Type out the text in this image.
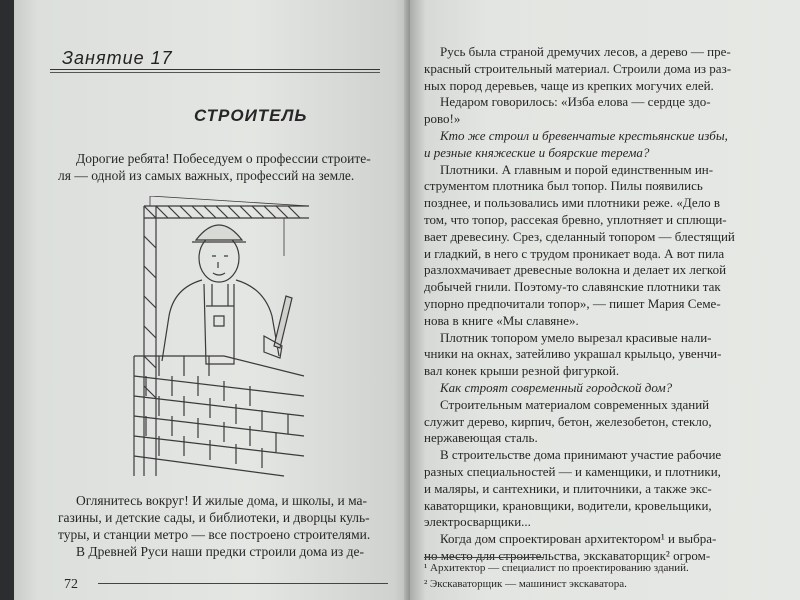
Занятие 17
СТРОИТЕЛЬ
Дорогие ребята! Побеседуем о профессии строите-
ля — одной из самых важных, профессий на земле.
Оглянитесь вокруг! И жилые дома, и школы, и ма-
газины, и детские сады, и библиотеки, и дворцы куль-
туры, и станции метро — все построено строителями.
В Древней Руси наши предки строили дома из де-
72
Русь была страной дремучих лесов, а дерево — пре-
красный строительный материал. Строили дома из раз-
ных пород деревьев, чаще из крепких могучих елей.
Недаром говорилось: «Изба елова — сердце здо-
рово!»
Кто же строил и бревенчатые крестьянские избы,
и резные княжеские и боярские терема?
Плотники. А главным и порой единственным ин-
струментом плотника был топор. Пилы появились
позднее, и пользовались ими плотники реже. «Дело в
том, что топор, рассекая бревно, уплотняет и сплющи-
вает древесину. Срез, сделанный топором — блестящий
и гладкий, в него с трудом проникает вода. А вот пила
разлохмачивает древесные волокна и делает их легкой
добычей гнили. Поэтому-то славянские плотники так
упорно предпочитали топор», — пишет Мария Семе-
нова в книге «Мы славяне».
Плотник топором умело вырезал красивые нали-
чники на окнах, затейливо украшал крыльцо, увенчи-
вал конек крыши резной фигуркой.
Как строят современный городской дом?
Строительным материалом современных зданий
служит дерево, кирпич, бетон, железобетон, стекло,
нержавеющая сталь.
В строительстве дома принимают участие рабочие
разных специальностей — и каменщики, и плотники,
и маляры, и сантехники, и плиточники, а также экс-
каваторщики, крановщики, водители, кровельщики,
электросварщики...
Когда дом спроектирован архитектором¹ и выбра-
но место для строительства, экскаваторщик² огром-
¹ Архитектор — специалист по проектированию зданий.
² Экскаваторщик — машинист экскаватора.
